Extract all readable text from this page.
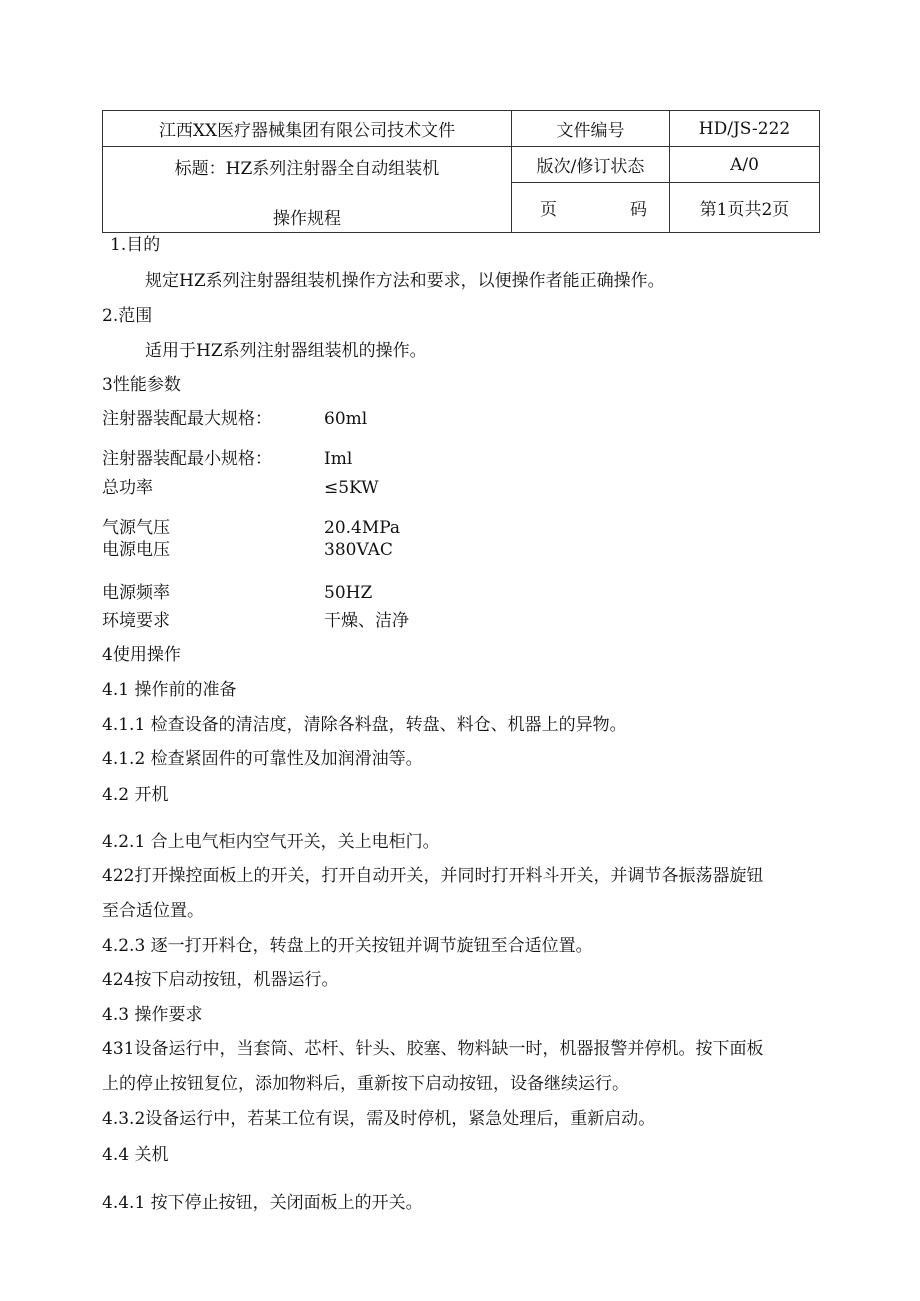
江西XX医疗器械集团有限公司技术文件	文件编号	HD/JS-222

标题：HZ系列注射器全自动组装机
操作规程	版次/修订状态	A/0

	页 码	第1页共2页
1.目的
规定HZ系列注射器组装机操作方法和要求，以便操作者能正确操作。
2.范围
适用于HZ系列注射器组装机的操作。
3性能参数
注射器装配最大规格：	60ml
注射器装配最小规格：	Iml
总功率	≤5KW
气源气压	20.4MPa
电源电压	380VAC
电源频率	50HZ
环境要求	干燥、洁净
4使用操作
4.1 操作前的准备
4.1.1 检查设备的清洁度，清除各料盘，转盘、料仓、机器上的异物。
4.1.2 检查紧固件的可靠性及加润滑油等。
4.2 开机
4.2.1 合上电气柜内空气开关，关上电柜门。
422打开操控面板上的开关，打开自动开关，并同时打开料斗开关，并调节各振荡器旋钮
至合适位置。
4.2.3 逐一打开料仓，转盘上的开关按钮并调节旋钮至合适位置。
424按下启动按钮，机器运行。
4.3 操作要求
431设备运行中，当套筒、芯杆、针头、胶塞、物料缺一时，机器报警并停机。按下面板
上的停止按钮复位，添加物料后，重新按下启动按钮，设备继续运行。
4.3.2设备运行中，若某工位有误，需及时停机，紧急处理后，重新启动。
4.4 关机
4.4.1 按下停止按钮，关闭面板上的开关。
